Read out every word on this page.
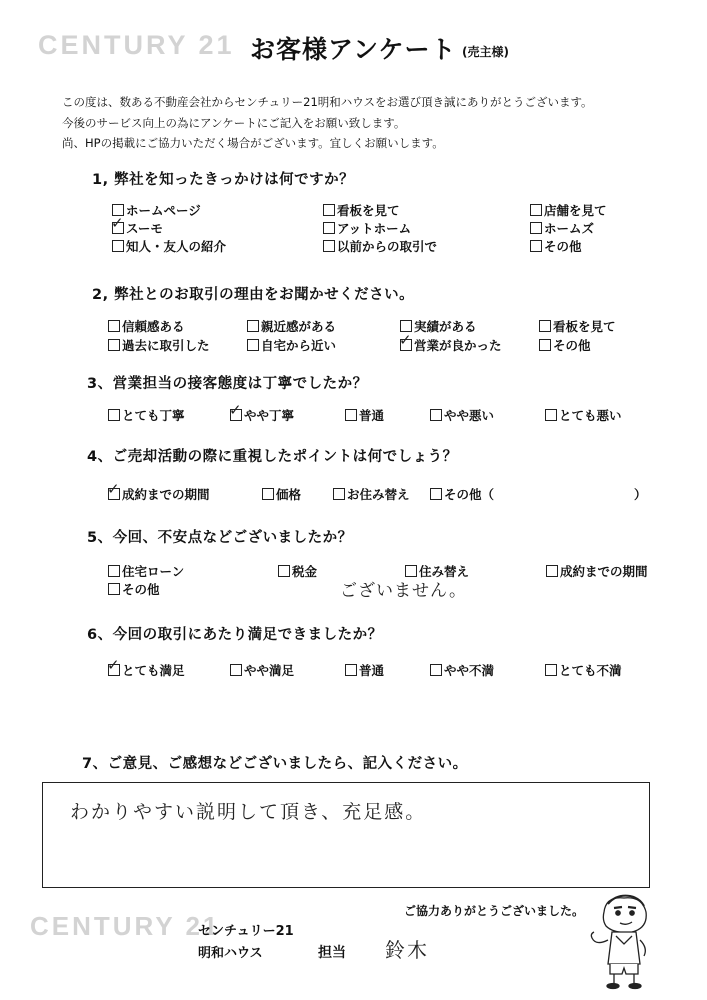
CENTURY 21 お客様アンケート (売主様)
この度は、数ある不動産会社からセンチュリー21明和ハウスをお選び頂き誠にありがとうございます。
今後のサービス向上の為にアンケートにご記入をお願い致します。
尚、HPの掲載にご協力いただく場合がございます。宜しくお願いします。
1, 弊社を知ったきっかけは何ですか？
ホームページ	看板を見て	店舗を見て
✓ スーモ	アットホーム	ホームズ
知人・友人の紹介	以前からの取引で	その他
2, 弊社とのお取引の理由をお聞かせください。
信頼感ある	親近感がある	実績がある	看板を見て
過去に取引した	自宅から近い	✓ 営業が良かった	その他
3、営業担当の接客態度は丁寧でしたか？
とても丁寧	✓ やや丁寧	普通	やや悪い	とても悪い
4、ご売却活動の際に重視したポイントは何でしょう？
✓ 成約までの期間	価格	お住み替え	その他（	）
5、今回、不安点などございましたか？
住宅ローン	税金	住み替え	成約までの期間
その他	ございません。
6、今回の取引にあたり満足できましたか？
✓ とても満足	やや満足	普通	やや不満	とても不満
7、ご意見、ご感想などございましたら、記入ください。
わかりやすい説明して頂き、充足感。
ご協力ありがとうございました。
CENTURY 21
センチュリー21
明和ハウス	担当 鈴木
